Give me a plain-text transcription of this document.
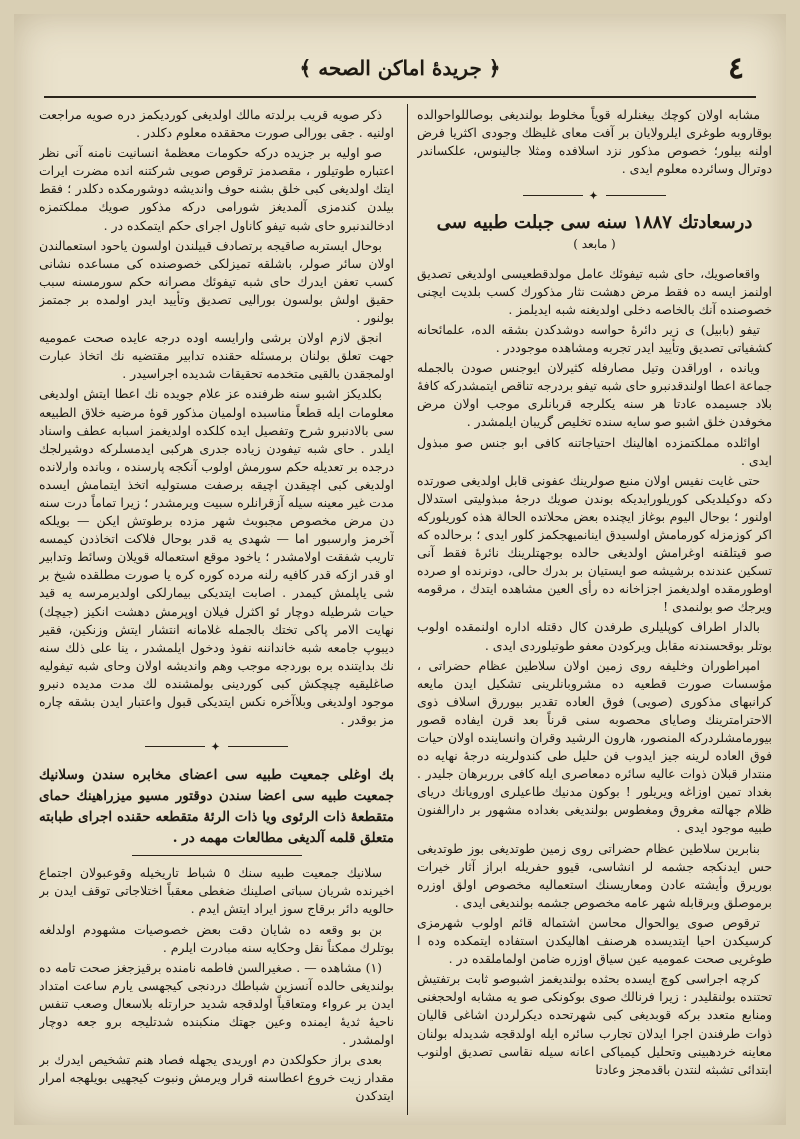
٤
﴿ جريدهٔ اماكن الصحه ﴾

مشابه اولان كوچك بيغنلرله قوياً مخلوط بولنديغى بوصاللواحوالده بوقاروبه طوغرى ايلرولايان بر آفت معاى غليظك وجودى اكثريا فرض اولنه بيلور؛ خصوص مذكور نزد اسلافده ومثلا جالينوس، علكساندر دوترال وسائرده معلوم ايدى .

✦
درسعادتك ۱۸۸۷ سنه سى جبلت طبيه سى
( مابعد )

واقعاصويك، حاى شبه تيفوئك عامل مولدقطعيسى اولديغى تصديق اولنمز ايسه ده فقط مرض دهشت نثار مذكورك كسب بلديت ايچنى خصوصنده آنك بالخاصه دخلى اولديغنه شبه ايديلمز .

تيفو (بابيل) ى زير دائرهٔ حواسه دوشدكدن بشقه الده، علمائحانه كشفياتى تصديق وتأييد ايدر تجربه ومشاهده موجوددر .

ويانده ، اوراقدن وتيل مصارفله كثيرلان ايوجنس صودن بالجمله جماعة اعطا اولندقدنبرو حاى شبه تيفو بردرجه تناقص ايتمشدركه كافهٔ بلاد جسيمده عادتا هر سنه يكلرجه قربانلرى موجب اولان مرض مخوفدن خلق اشبو صو سايه سنده تخليص گريبان ايلمشدر .

اوائلده مملكتمزده اهالينك احتياجاتنه كافى ابو جنس صو مبذول ايدى .

حتى غايت نفيس اولان منبع صولرينك عفونى قابل اولديغى صورتده دكه دوكيلديكى كوريلورايديكه بوندن صويك درجهٔ مبذوليتى استدلال اولنور ؛ بوحال اليوم بوغاز ايچنده بعض محلاتده الحالة هذه كوريلوركه اكر كوزمزله كورمامش اولسيدق اينانميهجكمز كلور ايدى ؛ برحالده كه صو قيتلقنه اوغرامش اولديغى حالده بوجهتلرينك نائرهٔ فقط آنى تسكين عندنده برشيشه صو ايستيان بر بدرك حالى، دونرنده او صرده اوطورمقده اولديغمز اجزاخانه ده رأى العين مشاهده ايتدك ، مرقومه ويرجك صو بولنمدى !

بالدار اطراف كوپليلرى طرفدن كال دقتله اداره اولنمقده اولوب بوتلر بوقحسندنه مقابل ويركودن معفو طوتيلوردى ايدى .

امپراطوران وخليفه روى زمين اولان سلاطين عظام حضراتى ، مؤسسات صورت قطعيه ده مشروبانلرينى تشكيل ايدن مايعه كرانبهاى مذكورى (صويى) فوق العاده تقدير بيوررق اسلاف ذوى الاحترامترينك وصاياى محصوبه سنى قرناً بعد قرن ايفاده قصور بيورمامشلردركه المنصور، هارون الرشيد وقران وانساينده اولان حيات فوق العاده لرينه جيز ايدوب فن حليل طى كندولرينه درجهٔ نهايه ده منتدار قبلان ذوات عاليه سائره دمعاصرى ايله كافى برربرهان جليدر . بغداد تمين اوزاغه ويريلور ! بوكون مدنيك طاعيلرى اورويانك درياى ظلام جهالته مغروق ومغطوس بولنديغى بغداده مشهور بر دارالفنون طبيه موجود ايدى .

بنابرين سلاطين عظام حضراتى روى زمين طوتديغى بوز طوتديغى حس ايدنكجه جشمه لر انشاسى، قيوو حفريله ابراز آثار خيرات بوريرق وأيشته عادن ومعاريسنك استعماليه مخصوص اولق اوزره برموصلق وبرقابله شهر عامه مخصوص جشمه بولنديغى ايدى .

ترقوص صوى يوالحوال محاسن اشتماله قائم اولوب شهرمزى كرسيكدن احيا ايتديسده هرصنف اهاليكدن استفاده ايتمكده وده ا طوغريى صحت عموميه عين سياق اوزره ضامن اولماملقده در .

كرچه اجراسى كوچ ايسده بحثده بولنديغمز اشبوصو ثابت برتفتيش تحتنده بولنقليدر : زيرا فرنالك صوى بوكونكى صو يه مشابه اولحجغنى ومنابع متعدد بركه قوبديغى كبى شهرتحده ديكرلردن اشاغى قاليان ذوات طرفندن اجرا ايدلان تجارب سائره ايله اولدقجه شديدله بولنان معاينه خردهبينى وتحليل كيمياكى اعانه سيله نقاسى تصديق اولنوب ابتدائى تشبثه لنتدن باقدمجز وعادتا

ذكر صويه قريب برلدته مالك اولديغى كورديكمز دره صويه مراجعت اولنيه . جقى بورالى صورت محققده معلوم دكلدر .

صو اوليه بر جزيده دركه حكومات معظمهٔ انسانيت نامنه آنى نظر اعتباره طوتيلور ، مقصدمز ترقوص صويى شركتنه انده مضرت ايرات ايتك اولديغى كبى خلق بشنه حوف وانديشه دوشورمكده دكلدر ؛ فقط بيلدن كندمزى آلمديغز شورامى دركه مذكور صويك مملكتمزه ادخالندنبرو حاى شبه تيفو كاناول اجراى حكم ايتمكده در .

بوحال ايستربه صاقيجه برتصادف قبيلندن اولسون ياحود استعمالندن اولان سائر صولر، باشلقه تميزلكى خصوصنده كى مساعده نشانى كسب تعفن ايدرك حاى شبه تيفوئك مصرانه حكم سورمسنه سبب حقيق اولش بولسون بوراليى تصديق وتأييد ايدر اولمده بر جمتمز بولنور .

انجق لازم اولان برشى وارايسه اوده درجه عايده صحت عموميه جهت تعلق بولنان برمسئله حقنده تدابير مقتضيه نك اتخاذ عبارت اولمجقدن بالقيى متخدمه تحقيقات شديده اجراسيدر .

بكلديكز اشبو سنه ظرفنده عز علام جويده نك اعطا ايتش اولديغى معلومات ايله قطعاً مناسبده اولميان مذكور قوهٔ مرضيه خلاق الطبيعه سى بالادنبرو شرح وتفصيل ايده كلكده اولديغمز اسبابه عطف واسناد ايلدر . حاى شبه تيفودن زياده جدرى هركبى ايدمسلركه دوشيرلجك درجده بر تعديله حكم سورمش اولوب آنكجه پارسنده ، وبانده وارلانده اولديغى كبى اچيقدن اچيقه برصفت مستوليه اتخذ ايتمامش ايسده مدت غير معينه سيله آزقرانلره سبيت ويرمشدر ؛ زيرا تماماً درت سنه دن مرض مخصوص مجبوبث شهر مزده برطوتش ايكن — بويلكه آخرمز وارسبور اما — شهدى يه قدر بوحال فلاكت اتخاذدن كيمسه تاريب شفقت اولامشدر ؛ ياخود موقع استعماله قويلان وسائط وتدابير او قدر ازكه قدر كافيه رلنه مرده كوره كره يا صورت مطلقده شيخ بر شى ياپلمش كيمدر . اصابت ايتديكى بيمارلكى اولديرمرسه يه قيد حيات شرطيله دوچار ئو اكثرل فيلان اوپرمش دهشت انكيز (جيچك) نهايت الامر پاكى تختك بالجمله غلامانه انتشار ايتش وزنكين، فقير ديبوپ جامعه شبه خانداننه نفوذ ودخول ايلمشدر ، ينا على ذلك سنه نك بدايتنده بره بوردجه موجب وهم وانديشه اولان وحاى شبه تيفوليه صاغليقيه چيچكش كبى كوردينى بولمشنده لك مدت مديده دنبرو موجود اولديغى وبلاآخره نكس ايتديكى قبول واعتبار ايدن بشقه چاره مز بوقدر .

✦

بك اوغلى جمعيت طبيه سى اعضاى مخابره سندن وسلانيك جمعيت طبيه سى اعضا سندن دوقتور مسيو ميزراهينك حماى متقطعهٔ ذات الرئوى ويا ذات الرئهٔ متقطعه حقنده اجراى طبابته متعلق قلمه آلديغى مطالعات مهمه در .

سلانيك جمعيت طبيه سنك ٥ شباط تاريخيله وقوعبولان اجتماع اخيرنده شريان سباتى اصلينك ضغطى معقباً اختلاجاتى توقف ايدن بر حالويه دائر برقاج سوز ايراد ايتش ايدم .

بن بو وقعه ده شايان دقت بعض خصوصيات مشهودم اولدلغه بوتلرك ممكناً نقل وحكايه سنه مبادرت ايلرم .

(١) مشاهده — . صغيرالسن فاطمه نامنده برقيزجغز صحت تامه ده بولنديغى حالده آنسزين شباطك دردنجى كيجهسى يارم ساعت امتداد ايدن بر عرواء ومتعاقباً اولدقجه شديد حرارتله بلاسعال وصعب تنفس ناحيهٔ ثديهٔ ايمنده وعين جهتك منكبنده شدتليجه برو جعه دوچار اولمشدر .

بعدى براز حكولكدن دم اوريدى يجهله فصاد هنم تشخيص ايدرك بر مقدار زيت خروع اعطاسنه قرار ويرمش ونبوت كيجهيى بويلهجه امرار ايتدكدن
